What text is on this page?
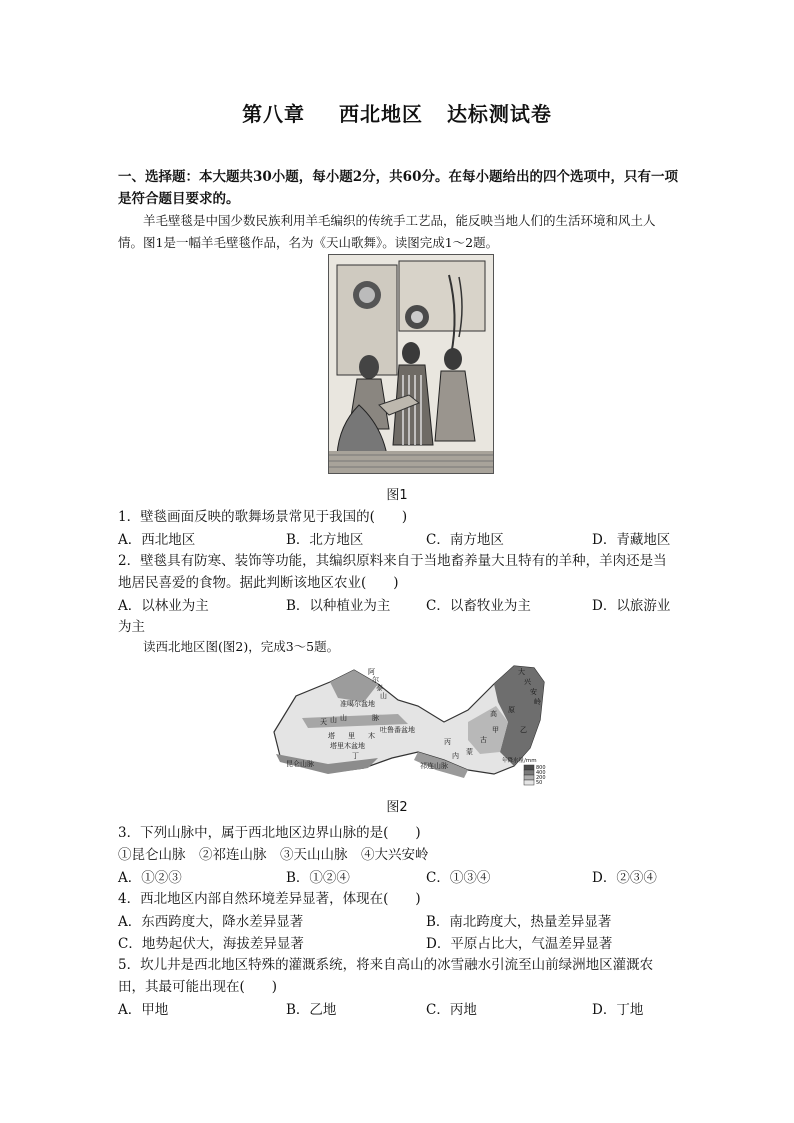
第八章 西北地区 达标测试卷
一、选择题：本大题共30小题，每小题2分，共60分。在每小题给出的四个选项中，只有一项是符合题目要求的。
羊毛壁毯是中国少数民族利用羊毛编织的传统手工艺品，能反映当地人们的生活环境和风土人情。图1是一幅羊毛壁毯作品，名为《天山歌舞》。读图完成1～2题。
图1
1．壁毯画面反映的歌舞场景常见于我国的(　　)
A．西北地区	B．北方地区	C．南方地区	D．青藏地区
2．壁毯具有防寒、装饰等功能，其编织原料来自于当地畜养量大且特有的羊种，羊肉还是当地居民喜爱的食物。据此判断该地区农业(　　)
A．以林业为主	B．以种植业为主	C．以畜牧业为主	D．以旅游业
为主
读西北地区图(图2)，完成3～5题。
阿
尔
泰
山
准噶尔盆地
天 山 山	脉
吐鲁番盆地
塔 里 木
塔里木盆地
丁
昆仑山脉	祁连山脉
内 蒙
古
大
兴
安
岭
高 原
甲	乙
丙
年降水量/mm
800
400
200
50
图2
3．下列山脉中，属于西北地区边界山脉的是(　　)
①昆仑山脉　②祁连山脉　③天山山脉　④大兴安岭
A．①②③	B．①②④	C．①③④	D．②③④
4．西北地区内部自然环境差异显著，体现在(　　)
A．东西跨度大，降水差异显著	B．南北跨度大，热量差异显著
C．地势起伏大，海拔差异显著	D．平原占比大，气温差异显著
5．坎儿井是西北地区特殊的灌溉系统，将来自高山的冰雪融水引流至山前绿洲地区灌溉农田，其最可能出现在(　　)
A．甲地	B．乙地	C．丙地	D．丁地
